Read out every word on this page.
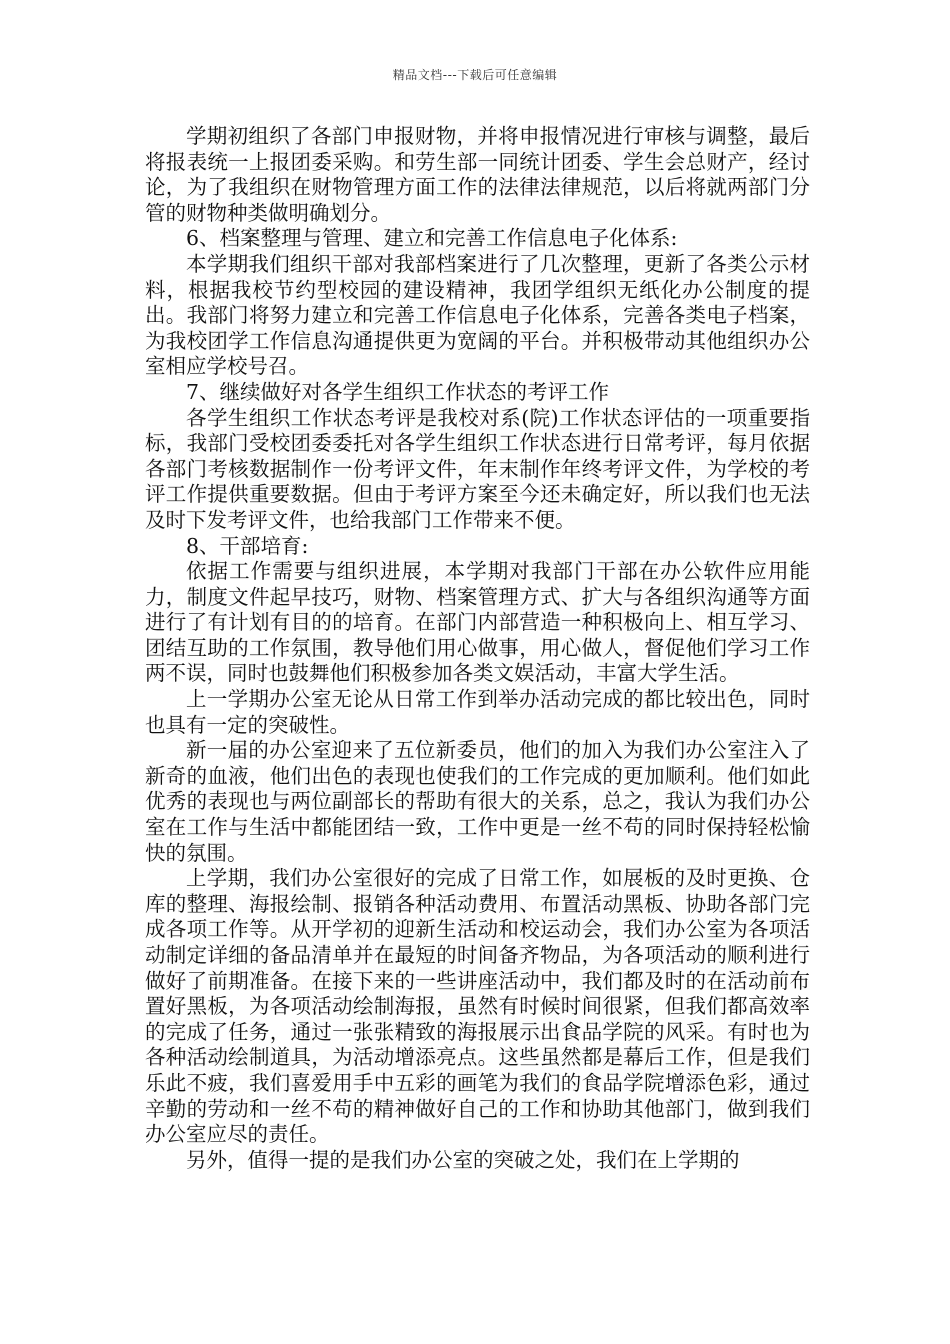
精品文档---下载后可任意编辑

学期初组织了各部门申报财物，并将申报情况进行审核与调整，最后将报表统一上报团委采购。和劳生部一同统计团委、学生会总财产，经讨论，为了我组织在财物管理方面工作的法律法律规范，以后将就两部门分管的财物种类做明确划分。

6、档案整理与管理、建立和完善工作信息电子化体系:

本学期我们组织干部对我部档案进行了几次整理，更新了各类公示材料，根据我校节约型校园的建设精神，我团学组织无纸化办公制度的提出。我部门将努力建立和完善工作信息电子化体系，完善各类电子档案，为我校团学工作信息沟通提供更为宽阔的平台。并积极带动其他组织办公室相应学校号召。

7、继续做好对各学生组织工作状态的考评工作

各学生组织工作状态考评是我校对系(院)工作状态评估的一项重要指标，我部门受校团委委托对各学生组织工作状态进行日常考评，每月依据各部门考核数据制作一份考评文件，年末制作年终考评文件，为学校的考评工作提供重要数据。但由于考评方案至今还未确定好，所以我们也无法及时下发考评文件，也给我部门工作带来不便。

8、干部培育:

依据工作需要与组织进展，本学期对我部门干部在办公软件应用能力，制度文件起早技巧，财物、档案管理方式、扩大与各组织沟通等方面进行了有计划有目的的培育。在部门内部营造一种积极向上、相互学习、团结互助的工作氛围，教导他们用心做事，用心做人，督促他们学习工作两不误，同时也鼓舞他们积极参加各类文娱活动，丰富大学生活。

上一学期办公室无论从日常工作到举办活动完成的都比较出色，同时也具有一定的突破性。

新一届的办公室迎来了五位新委员，他们的加入为我们办公室注入了新奇的血液，他们出色的表现也使我们的工作完成的更加顺利。他们如此优秀的表现也与两位副部长的帮助有很大的关系，总之，我认为我们办公室在工作与生活中都能团结一致，工作中更是一丝不苟的同时保持轻松愉快的氛围。

上学期，我们办公室很好的完成了日常工作，如展板的及时更换、仓库的整理、海报绘制、报销各种活动费用、布置活动黑板、协助各部门完成各项工作等。从开学初的迎新生活动和校运动会，我们办公室为各项活动制定详细的备品清单并在最短的时间备齐物品，为各项活动的顺利进行做好了前期准备。在接下来的一些讲座活动中，我们都及时的在活动前布置好黑板，为各项活动绘制海报，虽然有时候时间很紧，但我们都高效率的完成了任务，通过一张张精致的海报展示出食品学院的风采。有时也为各种活动绘制道具，为活动增添亮点。这些虽然都是幕后工作，但是我们乐此不疲，我们喜爱用手中五彩的画笔为我们的食品学院增添色彩，通过辛勤的劳动和一丝不苟的精神做好自己的工作和协助其他部门，做到我们办公室应尽的责任。

另外，值得一提的是我们办公室的突破之处，我们在上学期的
